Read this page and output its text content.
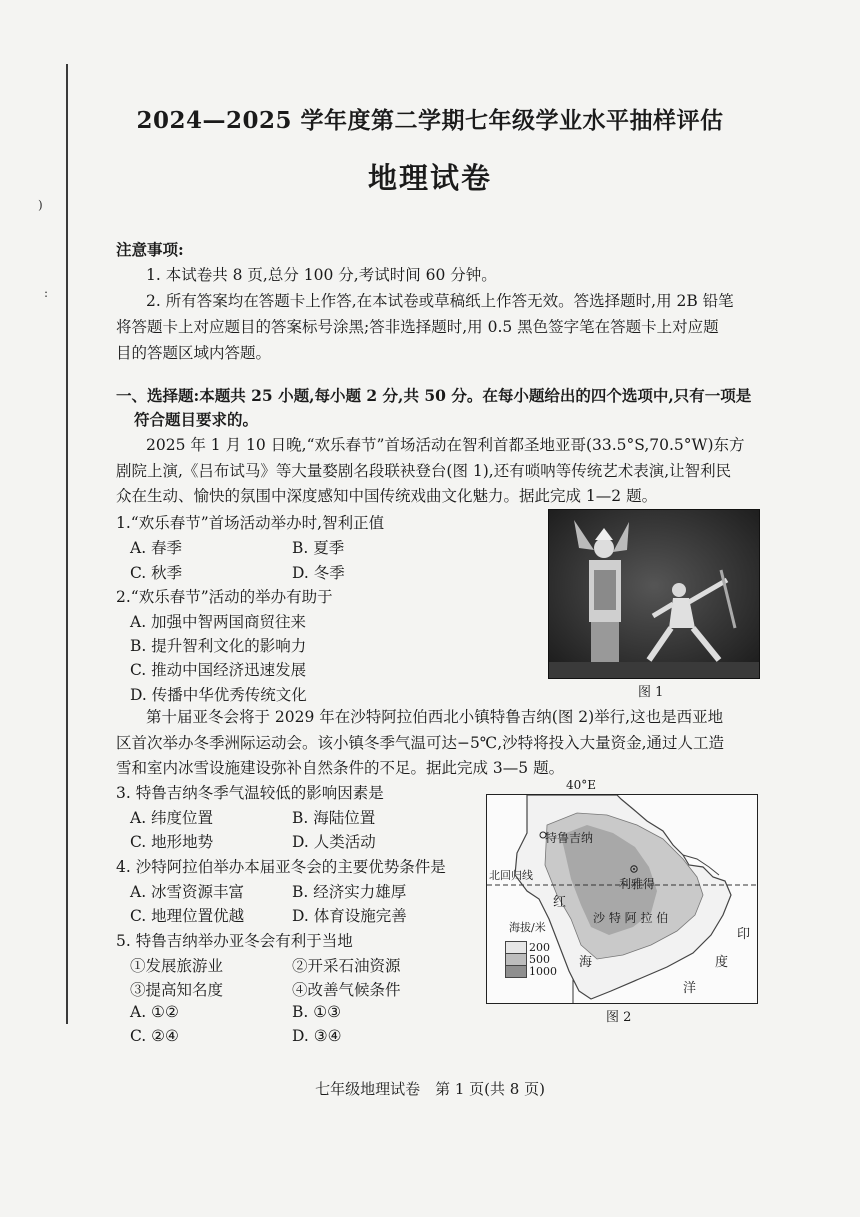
)
:
2024—2025 学年度第二学期七年级学业水平抽样评估
地理试卷
注意事项:
1. 本试卷共 8 页,总分 100 分,考试时间 60 分钟。
2. 所有答案均在答题卡上作答,在本试卷或草稿纸上作答无效。答选择题时,用 2B 铅笔
将答题卡上对应题目的答案标号涂黑;答非选择题时,用 0.5 黑色签字笔在答题卡上对应题
目的答题区域内答题。
一、选择题:本题共 25 小题,每小题 2 分,共 50 分。在每小题给出的四个选项中,只有一项是
符合题目要求的。
2025 年 1 月 10 日晚,“欢乐春节”首场活动在智利首都圣地亚哥(33.5°S,70.5°W)东方
剧院上演,《吕布试马》等大量婺剧名段联袂登台(图 1),还有唢呐等传统艺术表演,让智利民
众在生动、愉快的氛围中深度感知中国传统戏曲文化魅力。据此完成 1—2 题。
1.“欢乐春节”首场活动举办时,智利正值
A. 春季	B. 夏季
C. 秋季	D. 冬季
2.“欢乐春节”活动的举办有助于
A. 加强中智两国商贸往来
B. 提升智利文化的影响力
C. 推动中国经济迅速发展
D. 传播中华优秀传统文化	图 1
第十届亚冬会将于 2029 年在沙特阿拉伯西北小镇特鲁吉纳(图 2)举行,这也是西亚地
区首次举办冬季洲际运动会。该小镇冬季气温可达−5℃,沙特将投入大量资金,通过人工造
雪和室内冰雪设施建设弥补自然条件的不足。据此完成 3—5 题。
3. 特鲁吉纳冬季气温较低的影响因素是
A. 纬度位置	B. 海陆位置
C. 地形地势	D. 人类活动
4. 沙特阿拉伯举办本届亚冬会的主要优势条件是
A. 冰雪资源丰富	B. 经济实力雄厚
C. 地理位置优越	D. 体育设施完善
5. 特鲁吉纳举办亚冬会有利于当地
①发展旅游业	②开采石油资源
③提高知名度	④改善气候条件
A. ①②	B. ①③
C. ②④	D. ③④
40°E
特鲁吉纳
利雅得
北回归线
沙 特 阿 拉 伯
红
海
印
度
洋
海拔/米
200
500
1000
图 2
七年级地理试卷　第 1 页(共 8 页)
